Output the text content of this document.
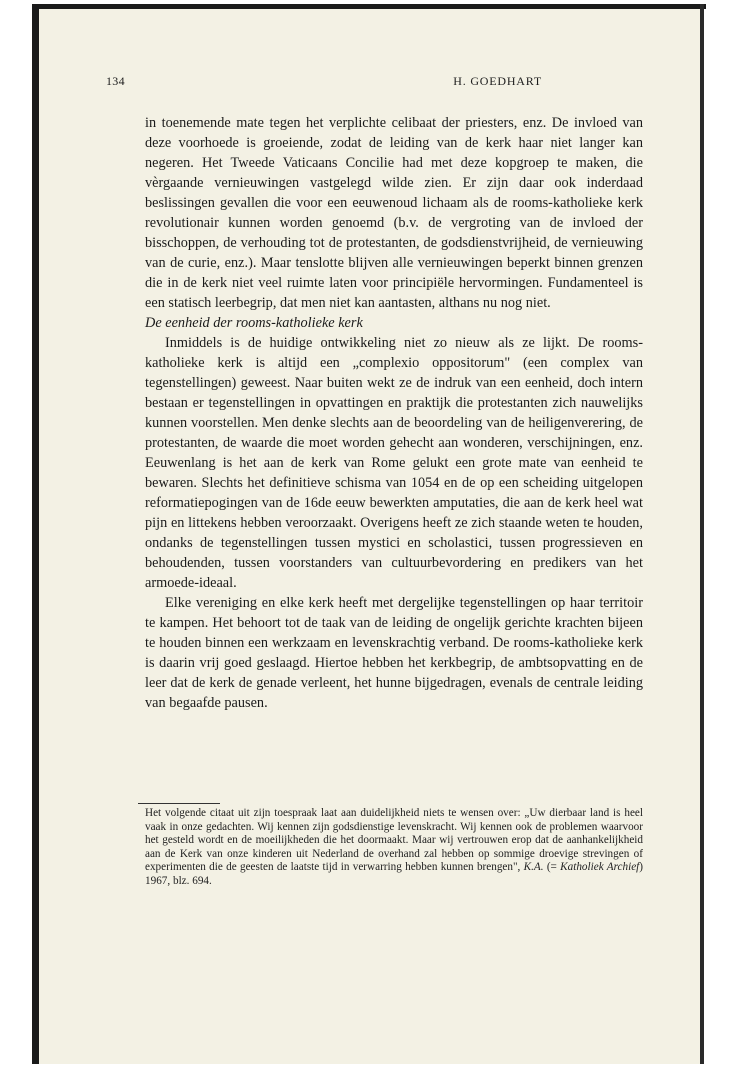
134	H. GOEDHART

in toenemende mate tegen het verplichte celibaat der priesters, enz. De invloed van deze voorhoede is groeiende, zodat de leiding van de kerk haar niet langer kan negeren. Het Tweede Vaticaans Concilie had met deze kopgroep te maken, die vèrgaande vernieuwingen vastgelegd wilde zien. Er zijn daar ook inderdaad beslissingen gevallen die voor een eeuwenoud lichaam als de rooms-katholieke kerk revolutionair kunnen worden genoemd (b.v. de vergroting van de invloed der bisschoppen, de verhouding tot de protestanten, de godsdienstvrijheid, de vernieuwing van de curie, enz.). Maar tenslotte blijven alle vernieuwingen beperkt binnen grenzen die in de kerk niet veel ruimte laten voor principiële hervormingen. Fundamenteel is een statisch leerbegrip, dat men niet kan aantasten, althans nu nog niet.

De eenheid der rooms-katholieke kerk

Inmiddels is de huidige ontwikkeling niet zo nieuw als ze lijkt. De rooms-katholieke kerk is altijd een „complexio oppositorum" (een complex van tegenstellingen) geweest. Naar buiten wekt ze de indruk van een eenheid, doch intern bestaan er tegenstellingen in opvattingen en praktijk die protestanten zich nauwelijks kunnen voorstellen. Men denke slechts aan de beoordeling van de heiligenverering, de protestanten, de waarde die moet worden gehecht aan wonderen, verschijningen, enz. Eeuwenlang is het aan de kerk van Rome gelukt een grote mate van eenheid te bewaren. Slechts het definitieve schisma van 1054 en de op een scheiding uitgelopen reformatiepogingen van de 16de eeuw bewerkten amputaties, die aan de kerk heel wat pijn en littekens hebben veroorzaakt. Overigens heeft ze zich staande weten te houden, ondanks de tegenstellingen tussen mystici en scholastici, tussen progressieven en behoudenden, tussen voorstanders van cultuurbevordering en predikers van het armoede-ideaal.

Elke vereniging en elke kerk heeft met dergelijke tegenstellingen op haar territoir te kampen. Het behoort tot de taak van de leiding de ongelijk gerichte krachten bijeen te houden binnen een werkzaam en levenskrachtig verband. De rooms-katholieke kerk is daarin vrij goed geslaagd. Hiertoe hebben het kerkbegrip, de ambtsopvatting en de leer dat de kerk de genade verleent, het hunne bijgedragen, evenals de centrale leiding van begaafde pausen.

Het volgende citaat uit zijn toespraak laat aan duidelijkheid niets te wensen over: „Uw dierbaar land is heel vaak in onze gedachten. Wij kennen zijn godsdienstige levenskracht. Wij kennen ook de problemen waarvoor het gesteld wordt en de moeilijkheden die het doormaakt. Maar wij vertrouwen erop dat de aanhankelijkheid aan de Kerk van onze kinderen uit Nederland de overhand zal hebben op sommige droevige strevingen of experimenten die de geesten de laatste tijd in verwarring hebben kunnen brengen", K.A. (= Katholiek Archief) 1967, blz. 694.
